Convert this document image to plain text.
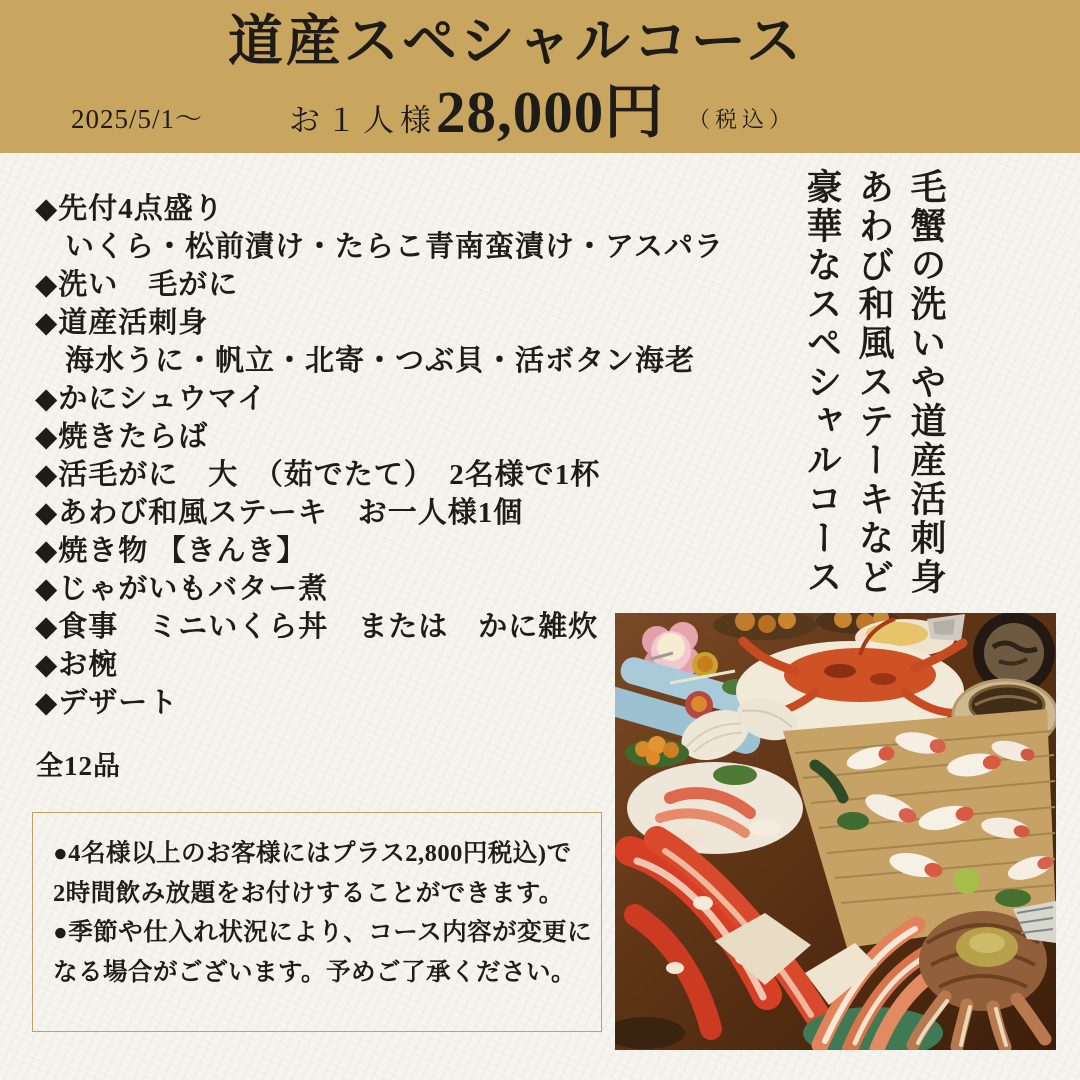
道産スペシャルコース
2025/5/1～	お１人様 28,000円 （税込）
◆先付4点盛り
いくら・松前漬け・たらこ青南蛮漬け・アスパラ
◆洗い　毛がに
◆道産活刺身
海水うに・帆立・北寄・つぶ貝・活ボタン海老
◆かにシュウマイ
◆焼きたらば
◆活毛がに　大　（茹でたて）　2名様で1杯
◆あわび和風ステーキ　お一人様1個
◆焼き物 【きんき】
◆じゃがいもバター煮
◆食事　ミニいくら丼　または　かに雑炊
◆お椀
◆デザート
全12品
毛蟹の洗いや道産活刺身
あわび和風ステーキなど
豪華なスペシャルコース
●4名様以上のお客様にはプラス2,800円税込)で
2時間飲み放題をお付けすることができます。
●季節や仕入れ状況により、コース内容が変更に
なる場合がございます。予めご了承ください。
